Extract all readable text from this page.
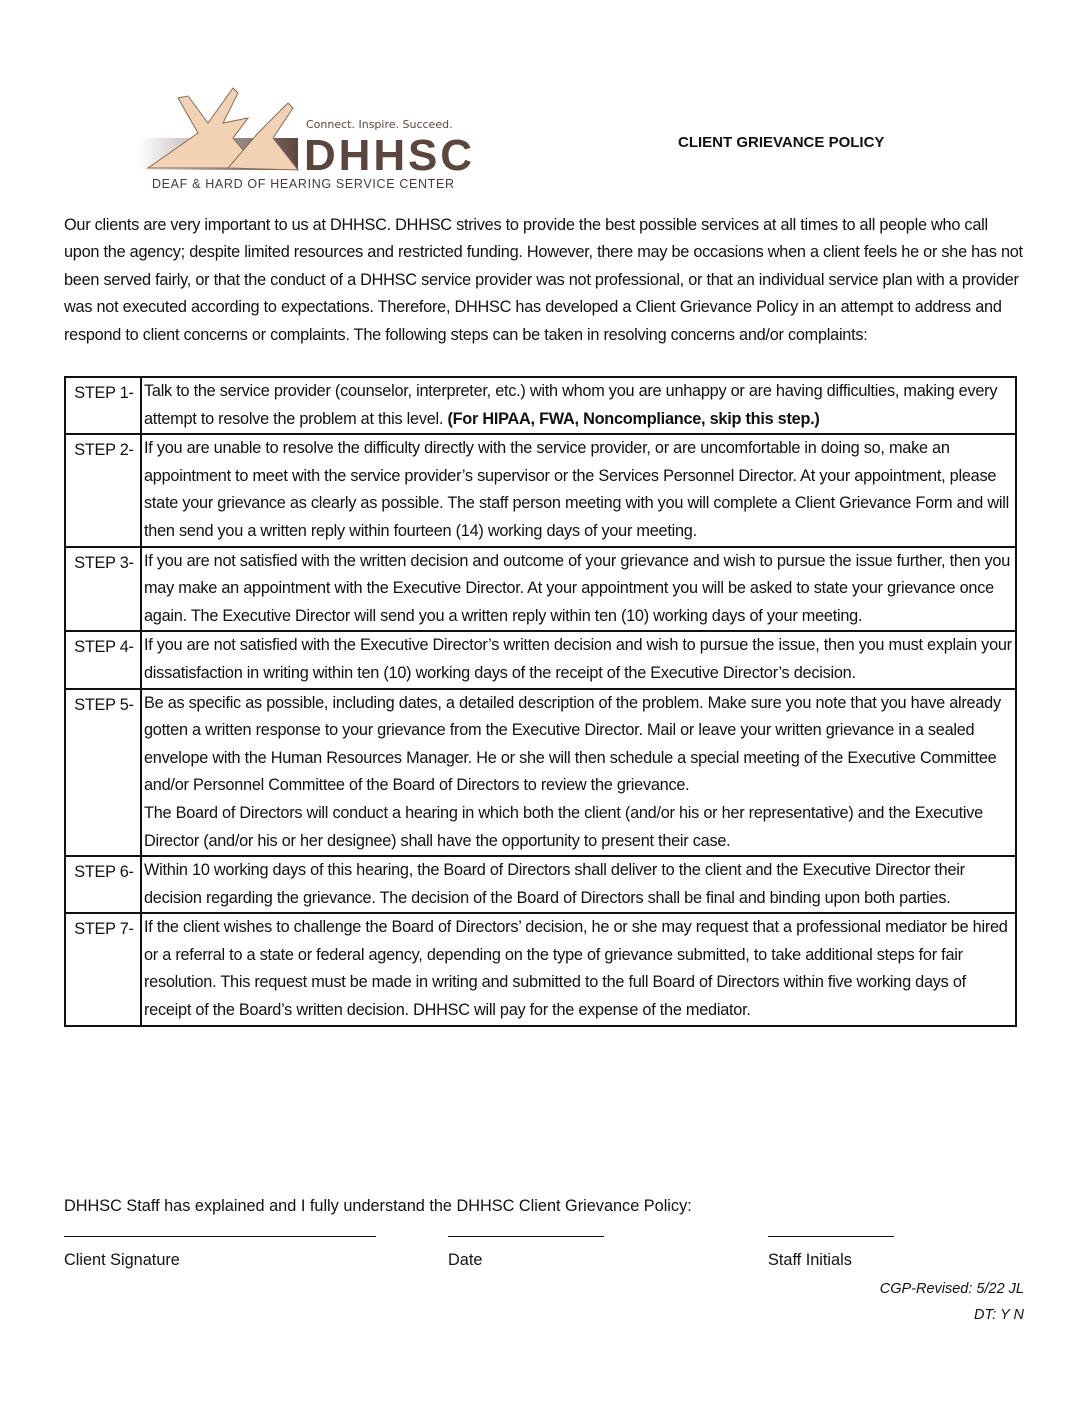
Connect. Inspire. Succeed.
DHHSC
DEAF & HARD OF HEARING SERVICE CENTER
CLIENT GRIEVANCE POLICY
Our clients are very important to us at DHHSC. DHHSC strives to provide the best possible services at all times to all people who call upon the agency; despite limited resources and restricted funding. However, there may be occasions when a client feels he or she has not been served fairly, or that the conduct of a DHHSC service provider was not professional, or that an individual service plan with a provider was not executed according to expectations. Therefore, DHHSC has developed a Client Grievance Policy in an attempt to address and respond to client concerns or complaints. The following steps can be taken in resolving concerns and/or complaints:
STEP 1-	Talk to the service provider (counselor, interpreter, etc.) with whom you are unhappy or are having difficulties, making every attempt to resolve the problem at this level. (For HIPAA, FWA, Noncompliance, skip this step.)
STEP 2-	If you are unable to resolve the difficulty directly with the service provider, or are uncomfortable in doing so, make an appointment to meet with the service provider’s supervisor or the Services Personnel Director. At your appointment, please state your grievance as clearly as possible. The staff person meeting with you will complete a Client Grievance Form and will then send you a written reply within fourteen (14) working days of your meeting.
STEP 3-	If you are not satisfied with the written decision and outcome of your grievance and wish to pursue the issue further, then you may make an appointment with the Executive Director. At your appointment you will be asked to state your grievance once again. The Executive Director will send you a written reply within ten (10) working days of your meeting.
STEP 4-	If you are not satisfied with the Executive Director’s written decision and wish to pursue the issue, then you must explain your dissatisfaction in writing within ten (10) working days of the receipt of the Executive Director’s decision.
STEP 5-	Be as specific as possible, including dates, a detailed description of the problem. Make sure you note that you have already gotten a written response to your grievance from the Executive Director. Mail or leave your written grievance in a sealed envelope with the Human Resources Manager. He or she will then schedule a special meeting of the Executive Committee and/or Personnel Committee of the Board of Directors to review the grievance.
The Board of Directors will conduct a hearing in which both the client (and/or his or her representative) and the Executive Director (and/or his or her designee) shall have the opportunity to present their case.

STEP 6-	Within 10 working days of this hearing, the Board of Directors shall deliver to the client and the Executive Director their decision regarding the grievance. The decision of the Board of Directors shall be final and binding upon both parties.
STEP 7-	If the client wishes to challenge the Board of Directors’ decision, he or she may request that a professional mediator be hired or a referral to a state or federal agency, depending on the type of grievance submitted, to take additional steps for fair resolution. This request must be made in writing and submitted to the full Board of Directors within five working days of receipt of the Board’s written decision. DHHSC will pay for the expense of the mediator.
DHHSC Staff has explained and I fully understand the DHHSC Client Grievance Policy:
Client Signature	Date	Staff Initials
CGP-Revised: 5/22 JL
DT: Y N
